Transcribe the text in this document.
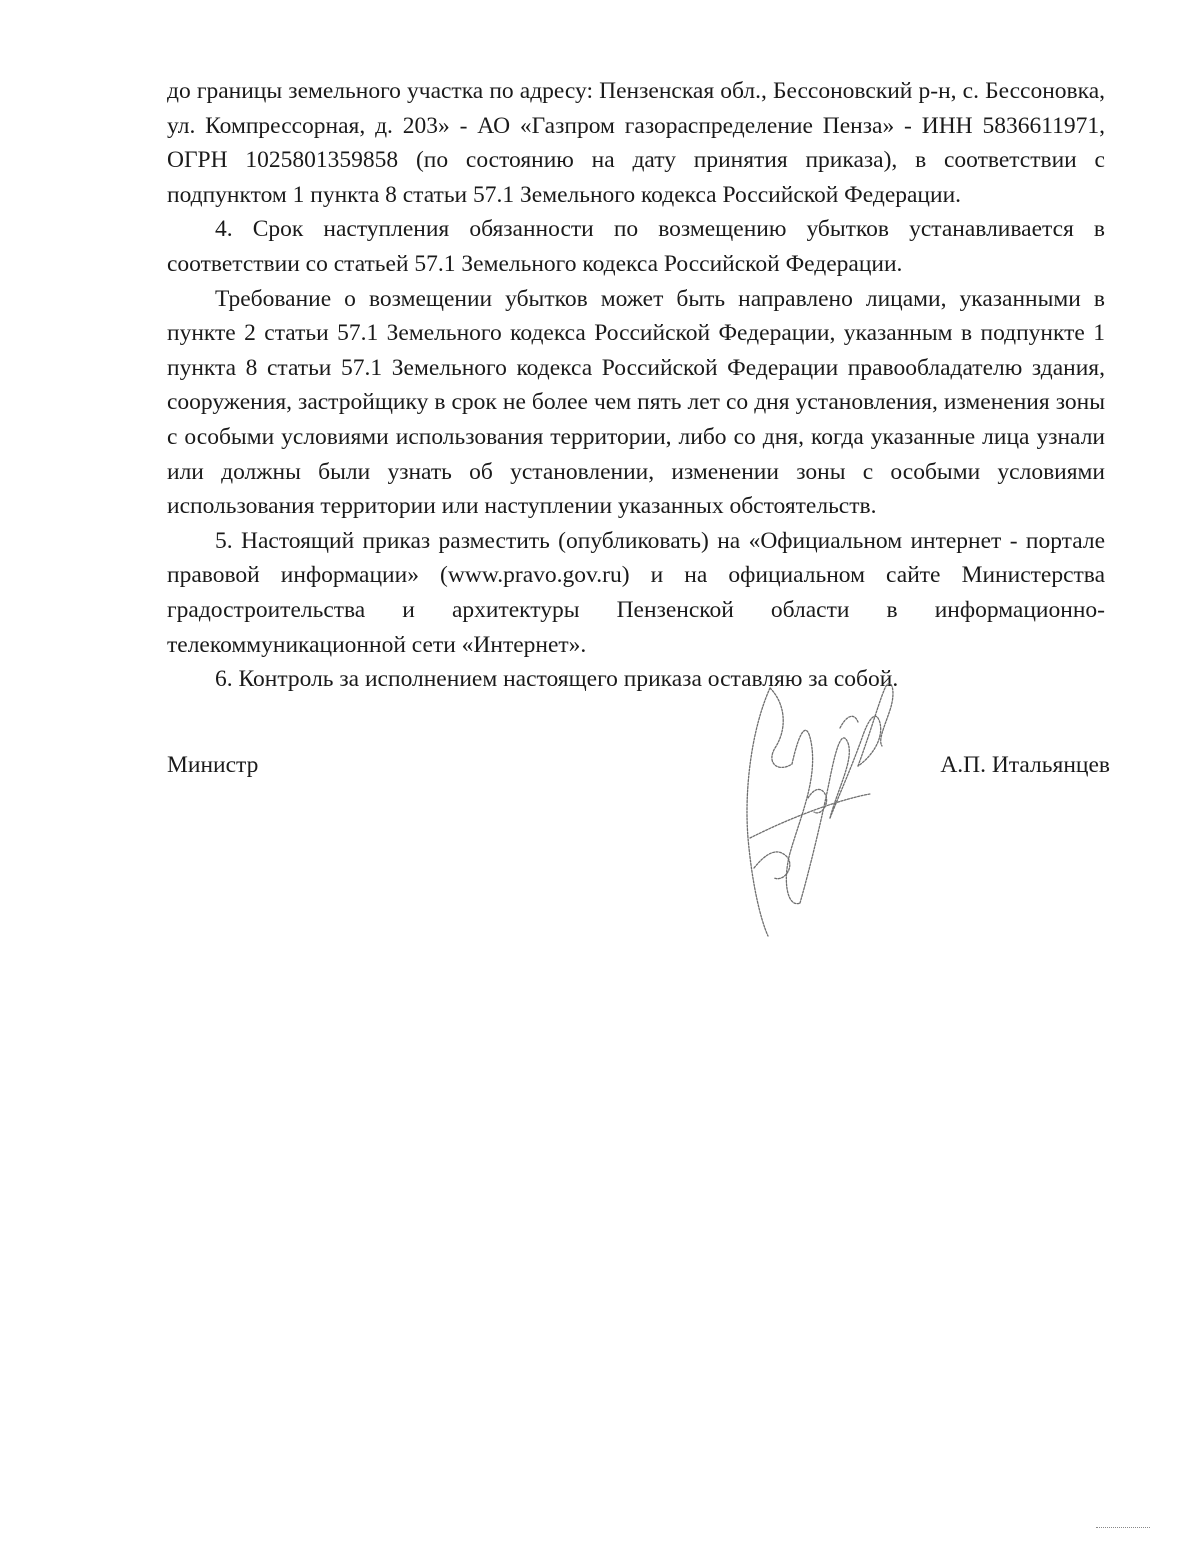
до границы земельного участка по адресу: Пензенская обл., Бессоновский р-н, с. Бессоновка, ул. Компрессорная, д. 203» - АО «Газпром газораспределение Пенза» - ИНН 5836611971, ОГРН 1025801359858 (по состоянию на дату принятия приказа), в соответствии с подпунктом 1 пункта 8 статьи 57.1 Земельного кодекса Российской Федерации.

4. Срок наступления обязанности по возмещению убытков устанавливается в соответствии со статьей 57.1 Земельного кодекса Российской Федерации.

Требование о возмещении убытков может быть направлено лицами, указанными в пункте 2 статьи 57.1 Земельного кодекса Российской Федерации, указанным в подпункте 1 пункта 8 статьи 57.1 Земельного кодекса Российской Федерации правообладателю здания, сооружения, застройщику в срок не более чем пять лет со дня установления, изменения зоны с особыми условиями использования территории, либо со дня, когда указанные лица узнали или должны были узнать об установлении, изменении зоны с особыми условиями использования территории или наступлении указанных обстоятельств.

5. Настоящий приказ разместить (опубликовать) на «Официальном интернет - портале правовой информации» (www.pravo.gov.ru) и на официальном сайте Министерства градостроительства и архитектуры Пензенской области в информационно-телекоммуникационной сети «Интернет».

6. Контроль за исполнением настоящего приказа оставляю за собой.

Министр	А.П. Итальянцев
